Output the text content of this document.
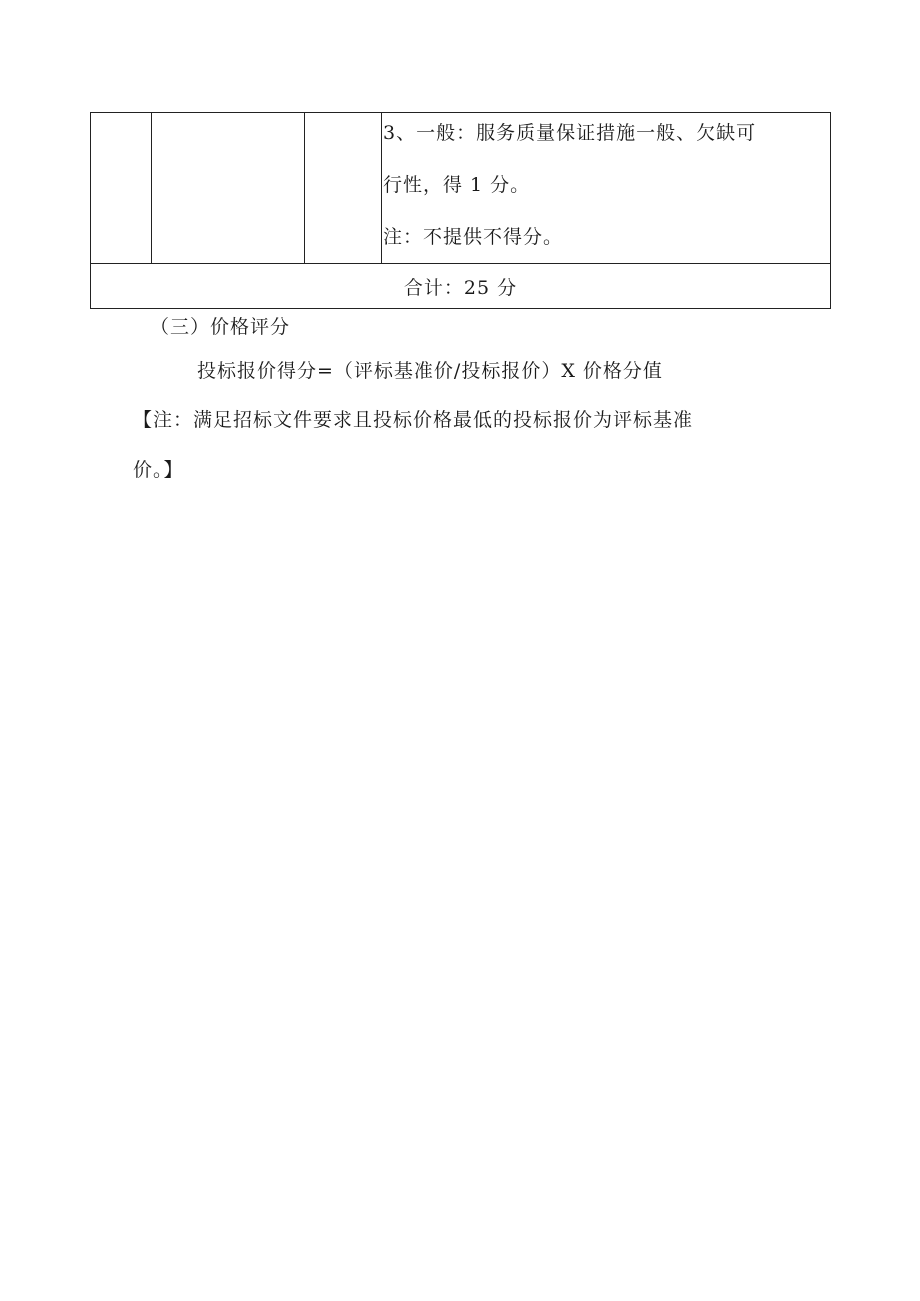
3、一般：服务质量保证措施一般、欠缺可

行性，得 1 分。

注：不提供不得分。

合计：25 分
（三）价格评分
投标报价得分=（评标基准价/投标报价）X 价格分值
【注：满足招标文件要求且投标价格最低的投标报价为评标基准
价。】
